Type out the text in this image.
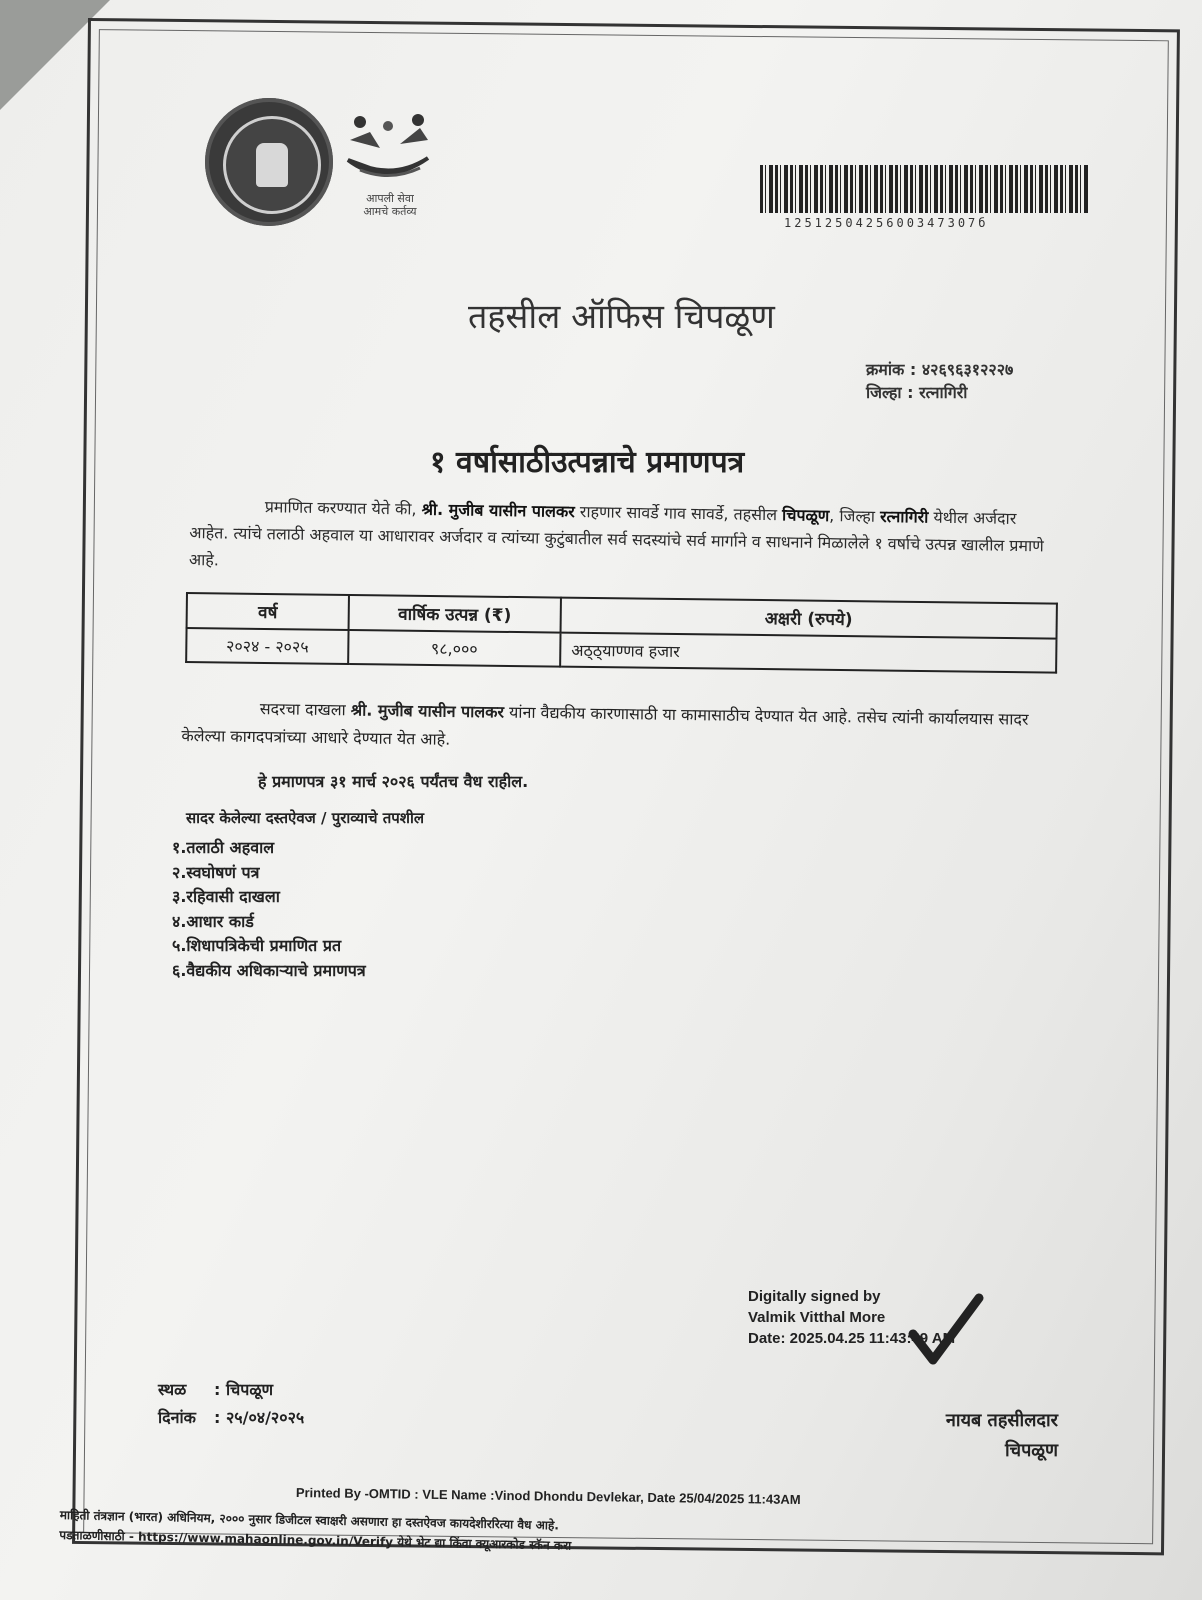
आपली सेवा
आमचे कर्तव्य
1251250425600347307б
तहसील ऑफिस चिपळूण
क्रमांक : ४२६९६३१२२२७
जिल्हा : रत्नागिरी
१ वर्षासाठीउत्पन्नाचे प्रमाणपत्र
प्रमाणित करण्यात येते की, श्री. मुजीब यासीन पालकर राहणार सावर्डे गाव सावर्डे, तहसील चिपळूण, जिल्हा रत्नागिरी येथील अर्जदार आहेत. त्यांचे तलाठी अहवाल या आधारावर अर्जदार व त्यांच्या कुटुंबातील सर्व सदस्यांचे सर्व मार्गाने व साधनाने मिळालेले १ वर्षाचे उत्पन्न खालील प्रमाणे आहे.
वर्ष	वार्षिक उत्पन्न (₹)	अक्षरी (रुपये)
२०२४ - २०२५	९८,०००	अठ्ठ्याण्णव हजार
सदरचा दाखला श्री. मुजीब यासीन पालकर यांना वैद्यकीय कारणासाठी या कामासाठीच देण्यात येत आहे. तसेच त्यांनी कार्यालयास सादर केलेल्या कागदपत्रांच्या आधारे देण्यात येत आहे.
हे प्रमाणपत्र ३१ मार्च २०२६ पर्यंतच वैध राहील.
सादर केलेल्या दस्तऐवज / पुराव्याचे तपशील
१.तलाठी अहवाल
२.स्वघोषणं पत्र
३.रहिवासी दाखला
४.आधार कार्ड
५.शिधापत्रिकेची प्रमाणित प्रत
६.वैद्यकीय अधिकाऱ्याचे प्रमाणपत्र
Digitally signed by
Valmik Vitthal More
Date: 2025.04.25 11:43:49 AM
स्थळ : चिपळूण
दिनांक : २५/०४/२०२५	नायब तहसीलदार
चिपळूण
Printed By -OMTID : VLE Name :Vinod Dhondu Devlekar, Date 25/04/2025 11:43AM
माहिती तंत्रज्ञान (भारत) अधिनियम, २००० नुसार डिजीटल स्वाक्षरी असणारा हा दस्तऐवज कायदेशीररित्या वैध आहे.
पडताळणीसाठी - https://www.mahaonline.gov.in/Verify येथे भेट द्या किंवा क्यूआरकोड स्कॅन करा
